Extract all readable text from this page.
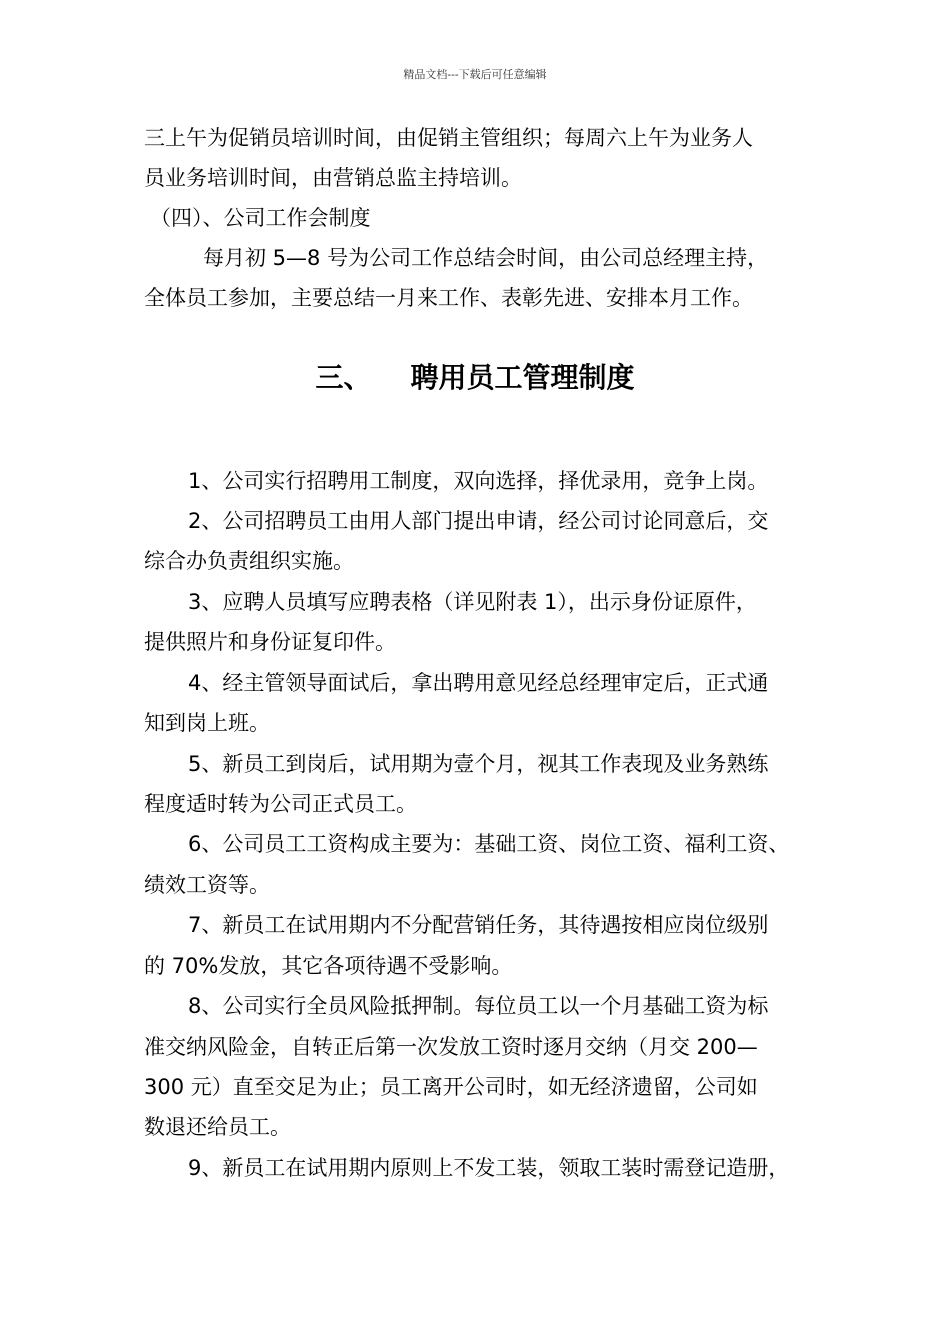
精品文档---下载后可任意编辑
三上午为促销员培训时间，由促销主管组织；每周六上午为业务人
员业务培训时间，由营销总监主持培训。
（四）、公司工作会制度
每月初 5—8 号为公司工作总结会时间，由公司总经理主持，
全体员工参加，主要总结一月来工作、表彰先进、安排本月工作。
三、    聘用员工管理制度
1、公司实行招聘用工制度，双向选择，择优录用，竞争上岗。
2、公司招聘员工由用人部门提出申请，经公司讨论同意后，交
综合办负责组织实施。
3、应聘人员填写应聘表格（详见附表 1），出示身份证原件，
提供照片和身份证复印件。
4、经主管领导面试后，拿出聘用意见经总经理审定后，正式通
知到岗上班。
5、新员工到岗后，试用期为壹个月，视其工作表现及业务熟练
程度适时转为公司正式员工。
6、公司员工工资构成主要为：基础工资、岗位工资、福利工资、
绩效工资等。
7、新员工在试用期内不分配营销任务，其待遇按相应岗位级别
的 70%发放，其它各项待遇不受影响。
8、公司实行全员风险抵押制。每位员工以一个月基础工资为标
准交纳风险金，自转正后第一次发放工资时逐月交纳（月交 200—
300 元）直至交足为止；员工离开公司时，如无经济遗留，公司如
数退还给员工。
9、新员工在试用期内原则上不发工装，领取工装时需登记造册，
